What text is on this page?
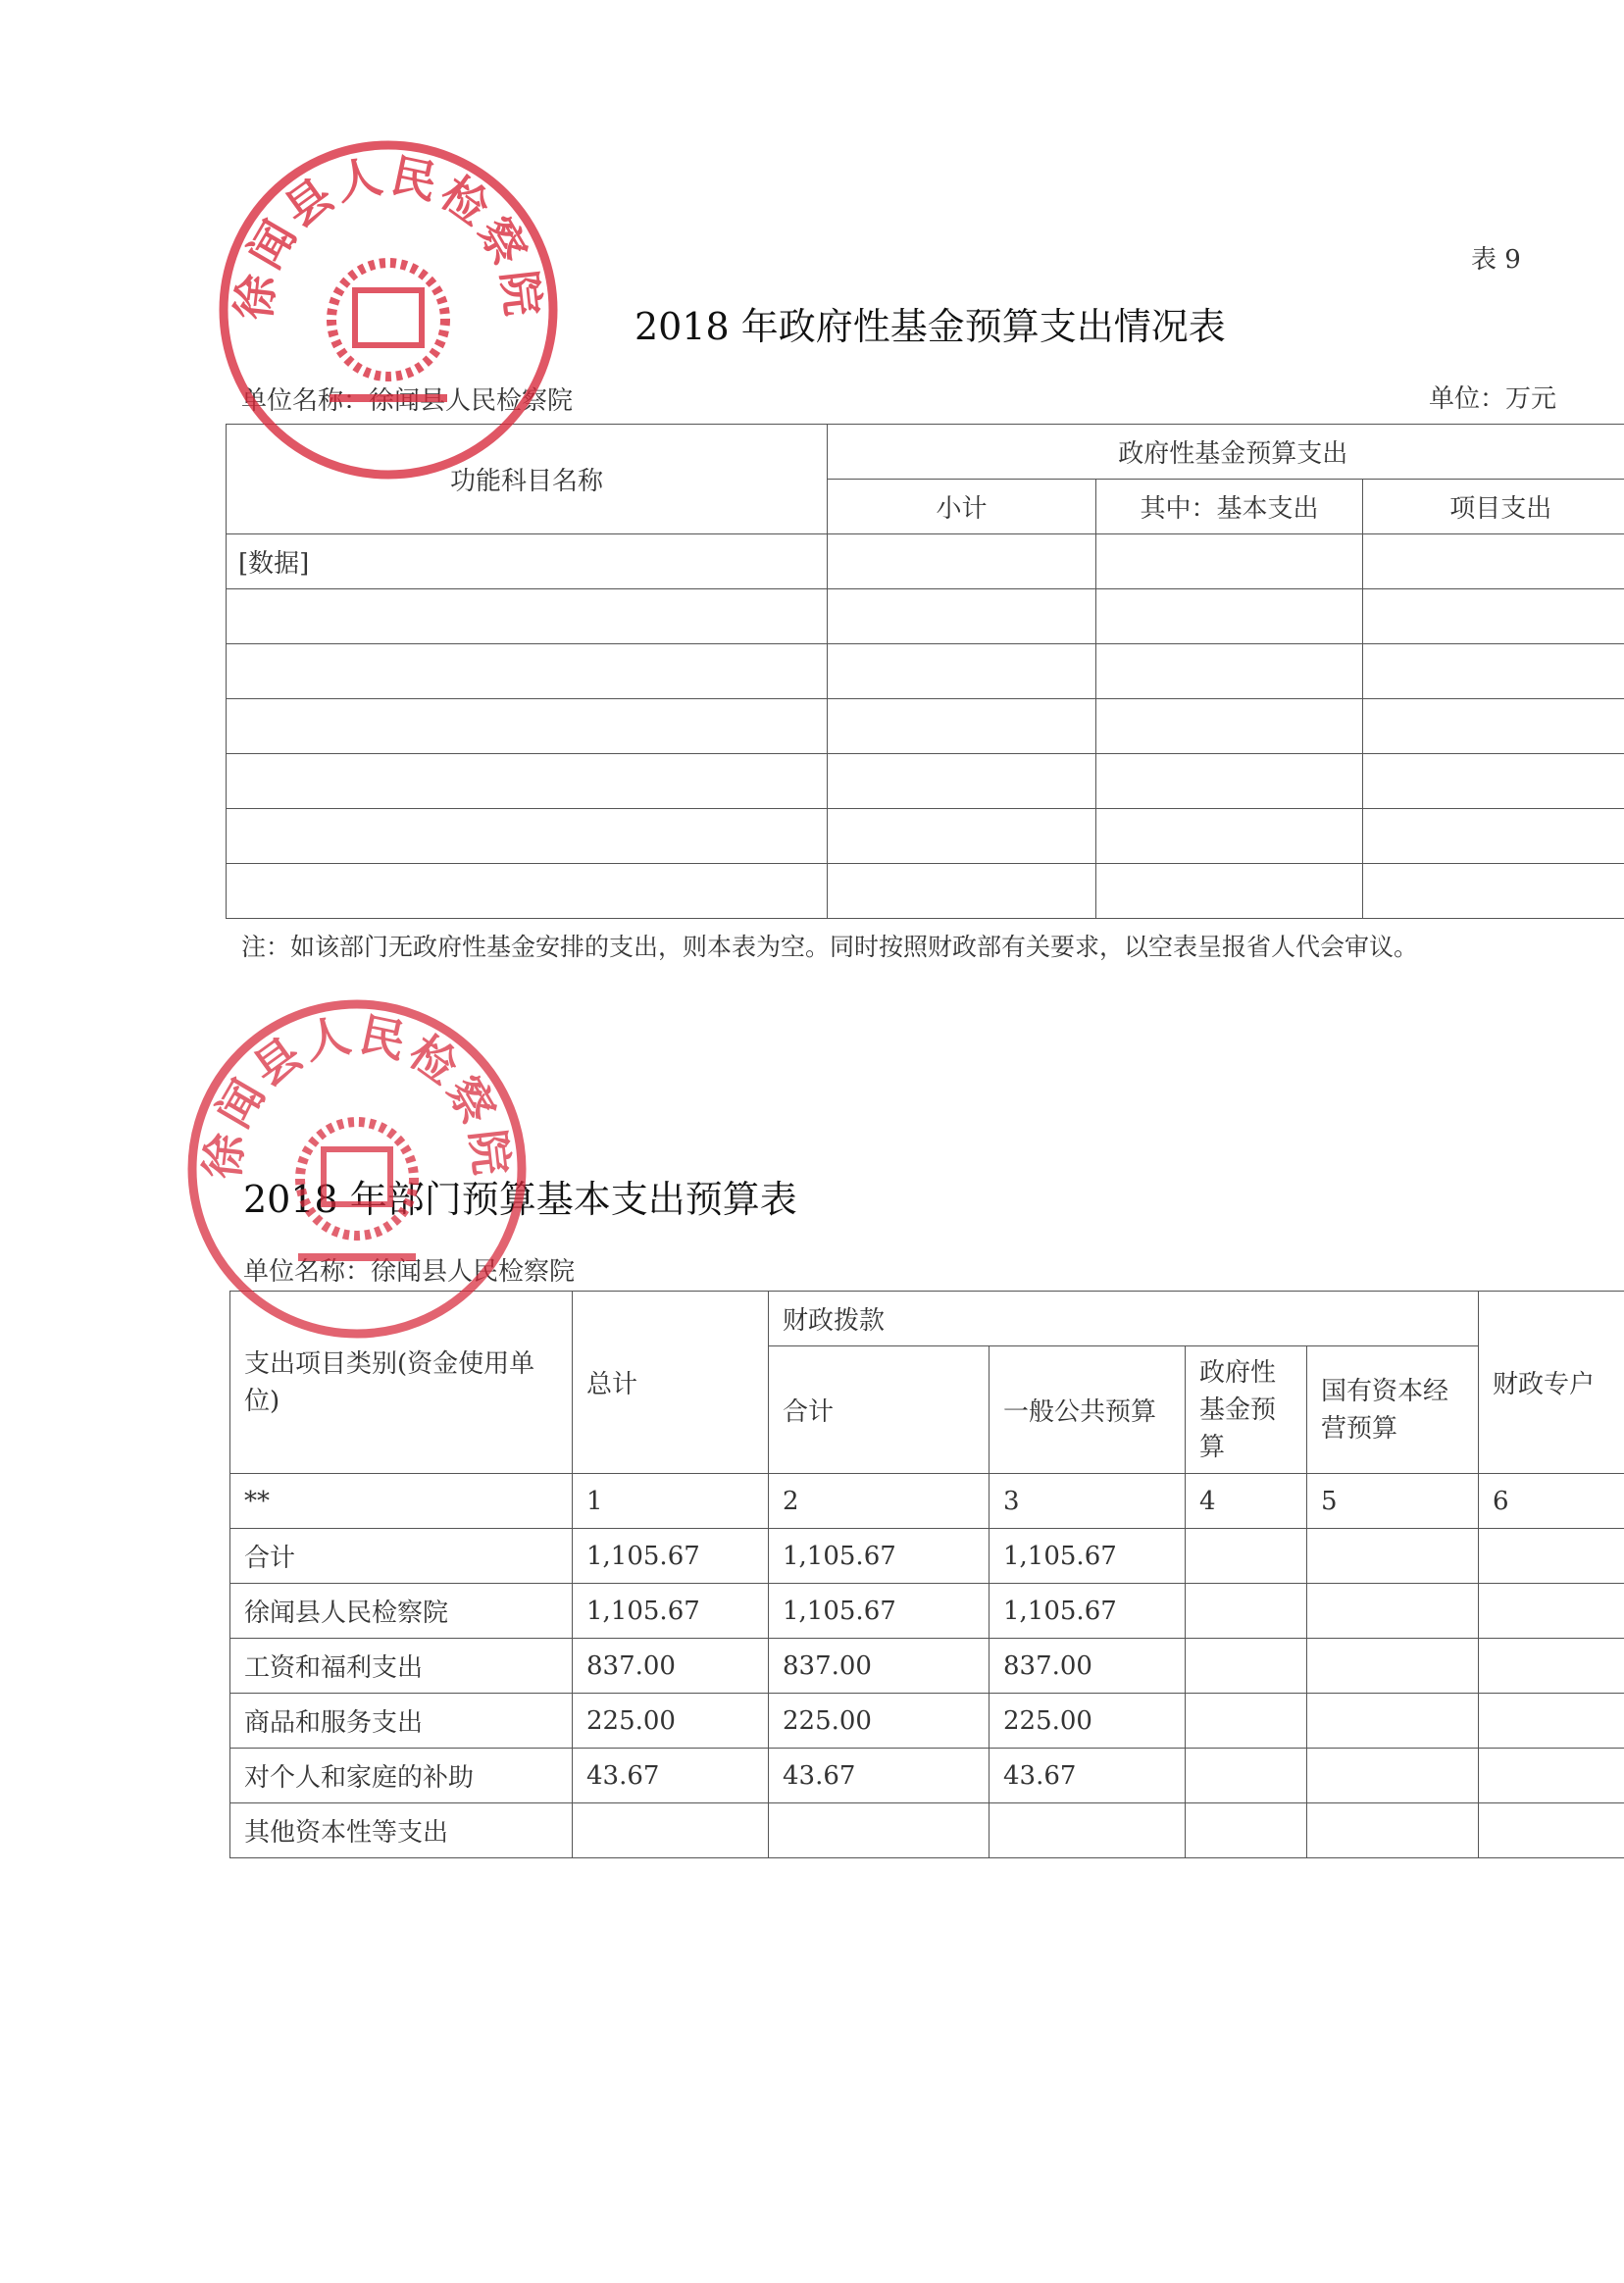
表 9
2018 年政府性基金预算支出情况表
单位名称：徐闻县人民检察院	单位：万元
功能科目名称	政府性基金预算支出		
	小计	其中：基本支出	项目支出
[数据]			

注：如该部门无政府性基金安排的支出，则本表为空。同时按照财政部有关要求，以空表呈报省人代会审议。
2018 年部门预算基本支出预算表
单位名称：徐闻县人民检察院
支出项目类别(资金使用单位)	总计	财政拨款				财政专户
		合计	一般公共预算	政府性基金预算	国有资本经营预算	
**	1	2	3	4	5	6
合计	1,105.67	1,105.67	1,105.67			
徐闻县人民检察院	1,105.67	1,105.67	1,105.67			
工资和福利支出	837.00	837.00	837.00			
商品和服务支出	225.00	225.00	225.00			
对个人和家庭的补助	43.67	43.67	43.67			
其他资本性等支出						
徐闻县人民检察院
徐闻县人民检察院
